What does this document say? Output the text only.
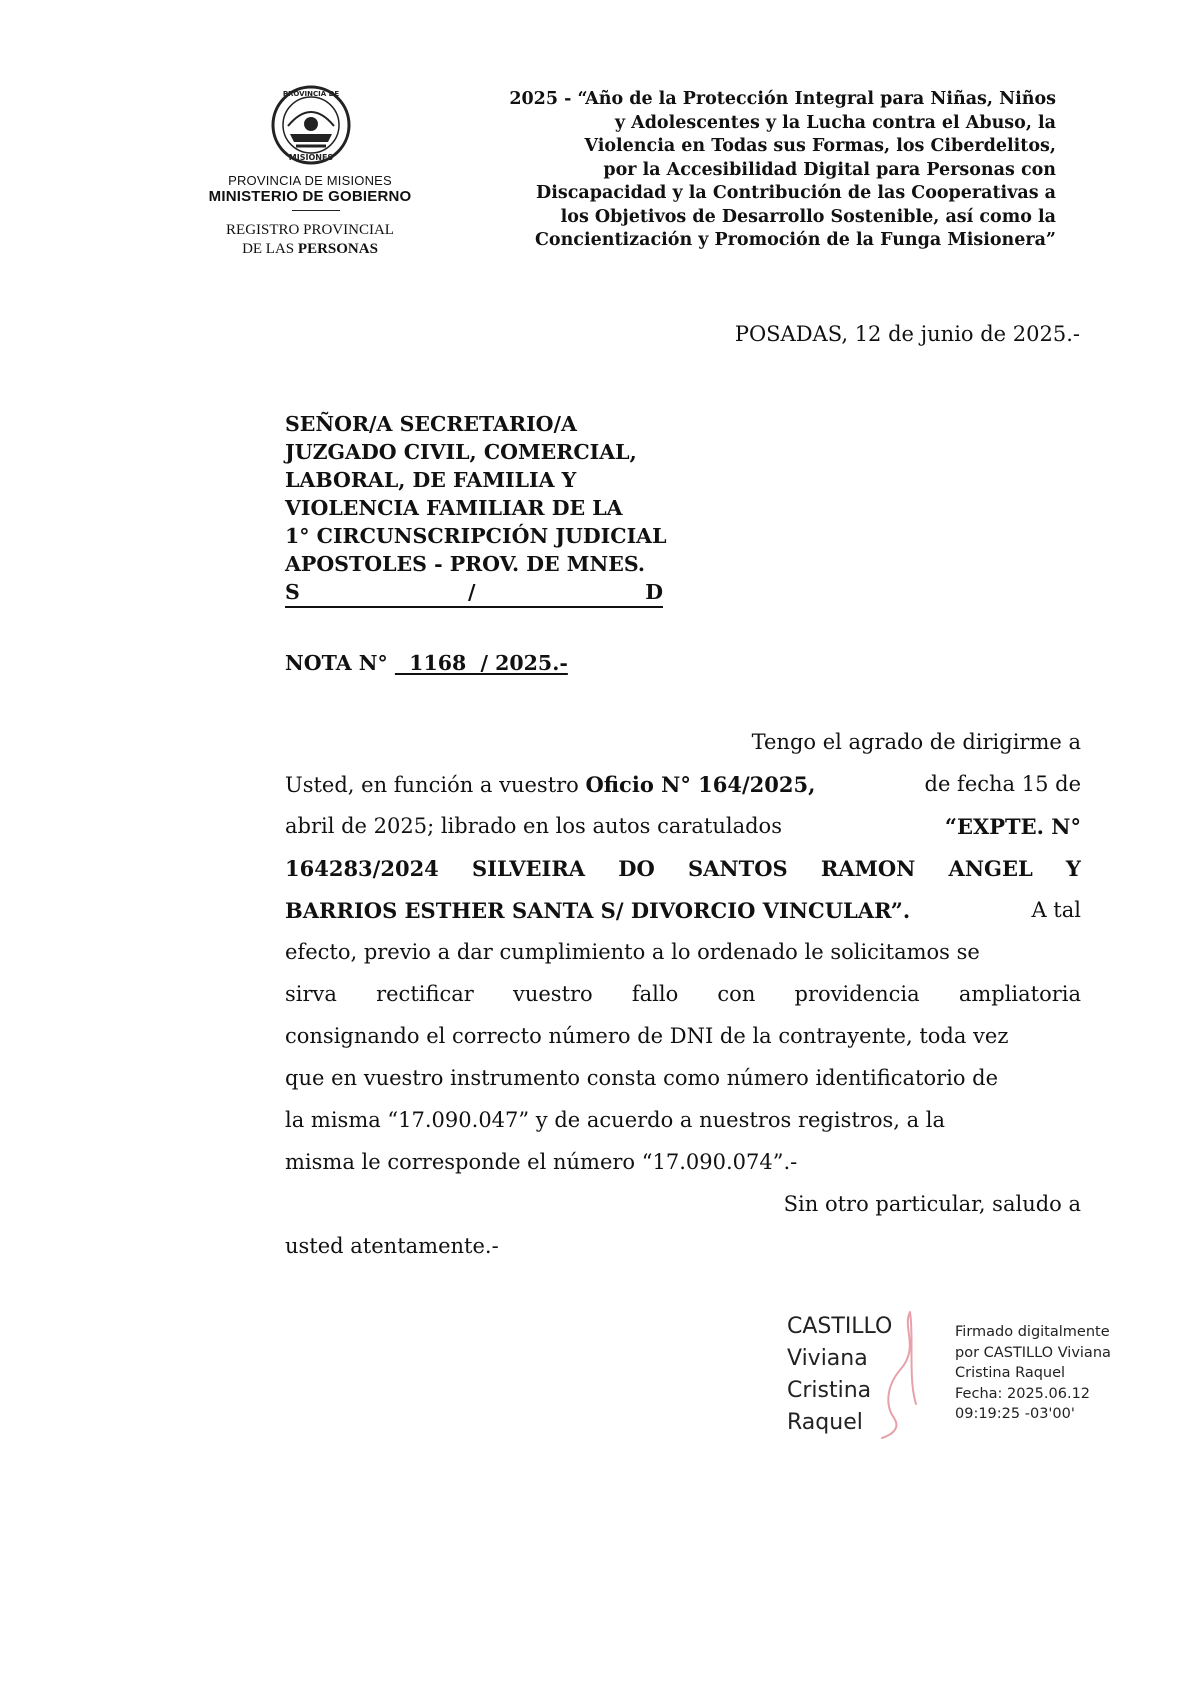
PROVINCIA DE
MISIONES
PROVINCIA DE MISIONES
MINISTERIO DE GOBIERNO
REGISTRO PROVINCIAL
DE LAS PERSONAS
2025 - “Año de la Protección Integral para Niñas, Niños
y Adolescentes y la Lucha contra el Abuso, la
Violencia en Todas sus Formas, los Ciberdelitos,
por la Accesibilidad Digital para Personas con
Discapacidad y la Contribución de las Cooperativas a
los Objetivos de Desarrollo Sostenible, así como la
Concientización y Promoción de la Funga Misionera”
POSADAS, 12 de junio de 2025.-
SEÑOR/A SECRETARIO/A
JUZGADO CIVIL, COMERCIAL,
LABORAL, DE FAMILIA Y
VIOLENCIA FAMILIAR DE LA
1° CIRCUNSCRIPCIÓN JUDICIAL
APOSTOLES - PROV. DE MNES.
S	/	D
NOTA N°   1168  / 2025.-
Tengo el agrado de dirigirme a
Usted, en función a vuestro Oficio N° 164/2025,	de fecha 15 de
abril de 2025; librado en los autos caratulados	“EXPTE. N°
164283/2024 SILVEIRA DO SANTOS RAMON ANGEL Y
BARRIOS ESTHER SANTA S/ DIVORCIO VINCULAR”.	A tal
efecto, previo a dar cumplimiento a lo ordenado le solicitamos se
sirva rectificar vuestro fallo con providencia ampliatoria
consignando el correcto número de DNI de la contrayente, toda vez
que en vuestro instrumento consta como número identificatorio de
la misma “17.090.047” y de acuerdo a nuestros registros, a la
misma le corresponde el número “17.090.074”.-
Sin otro particular, saludo a
usted atentamente.-
CASTILLO
Viviana
Cristina
Raquel
Firmado digitalmente
por CASTILLO Viviana
Cristina Raquel
Fecha: 2025.06.12
09:19:25 -03'00'
